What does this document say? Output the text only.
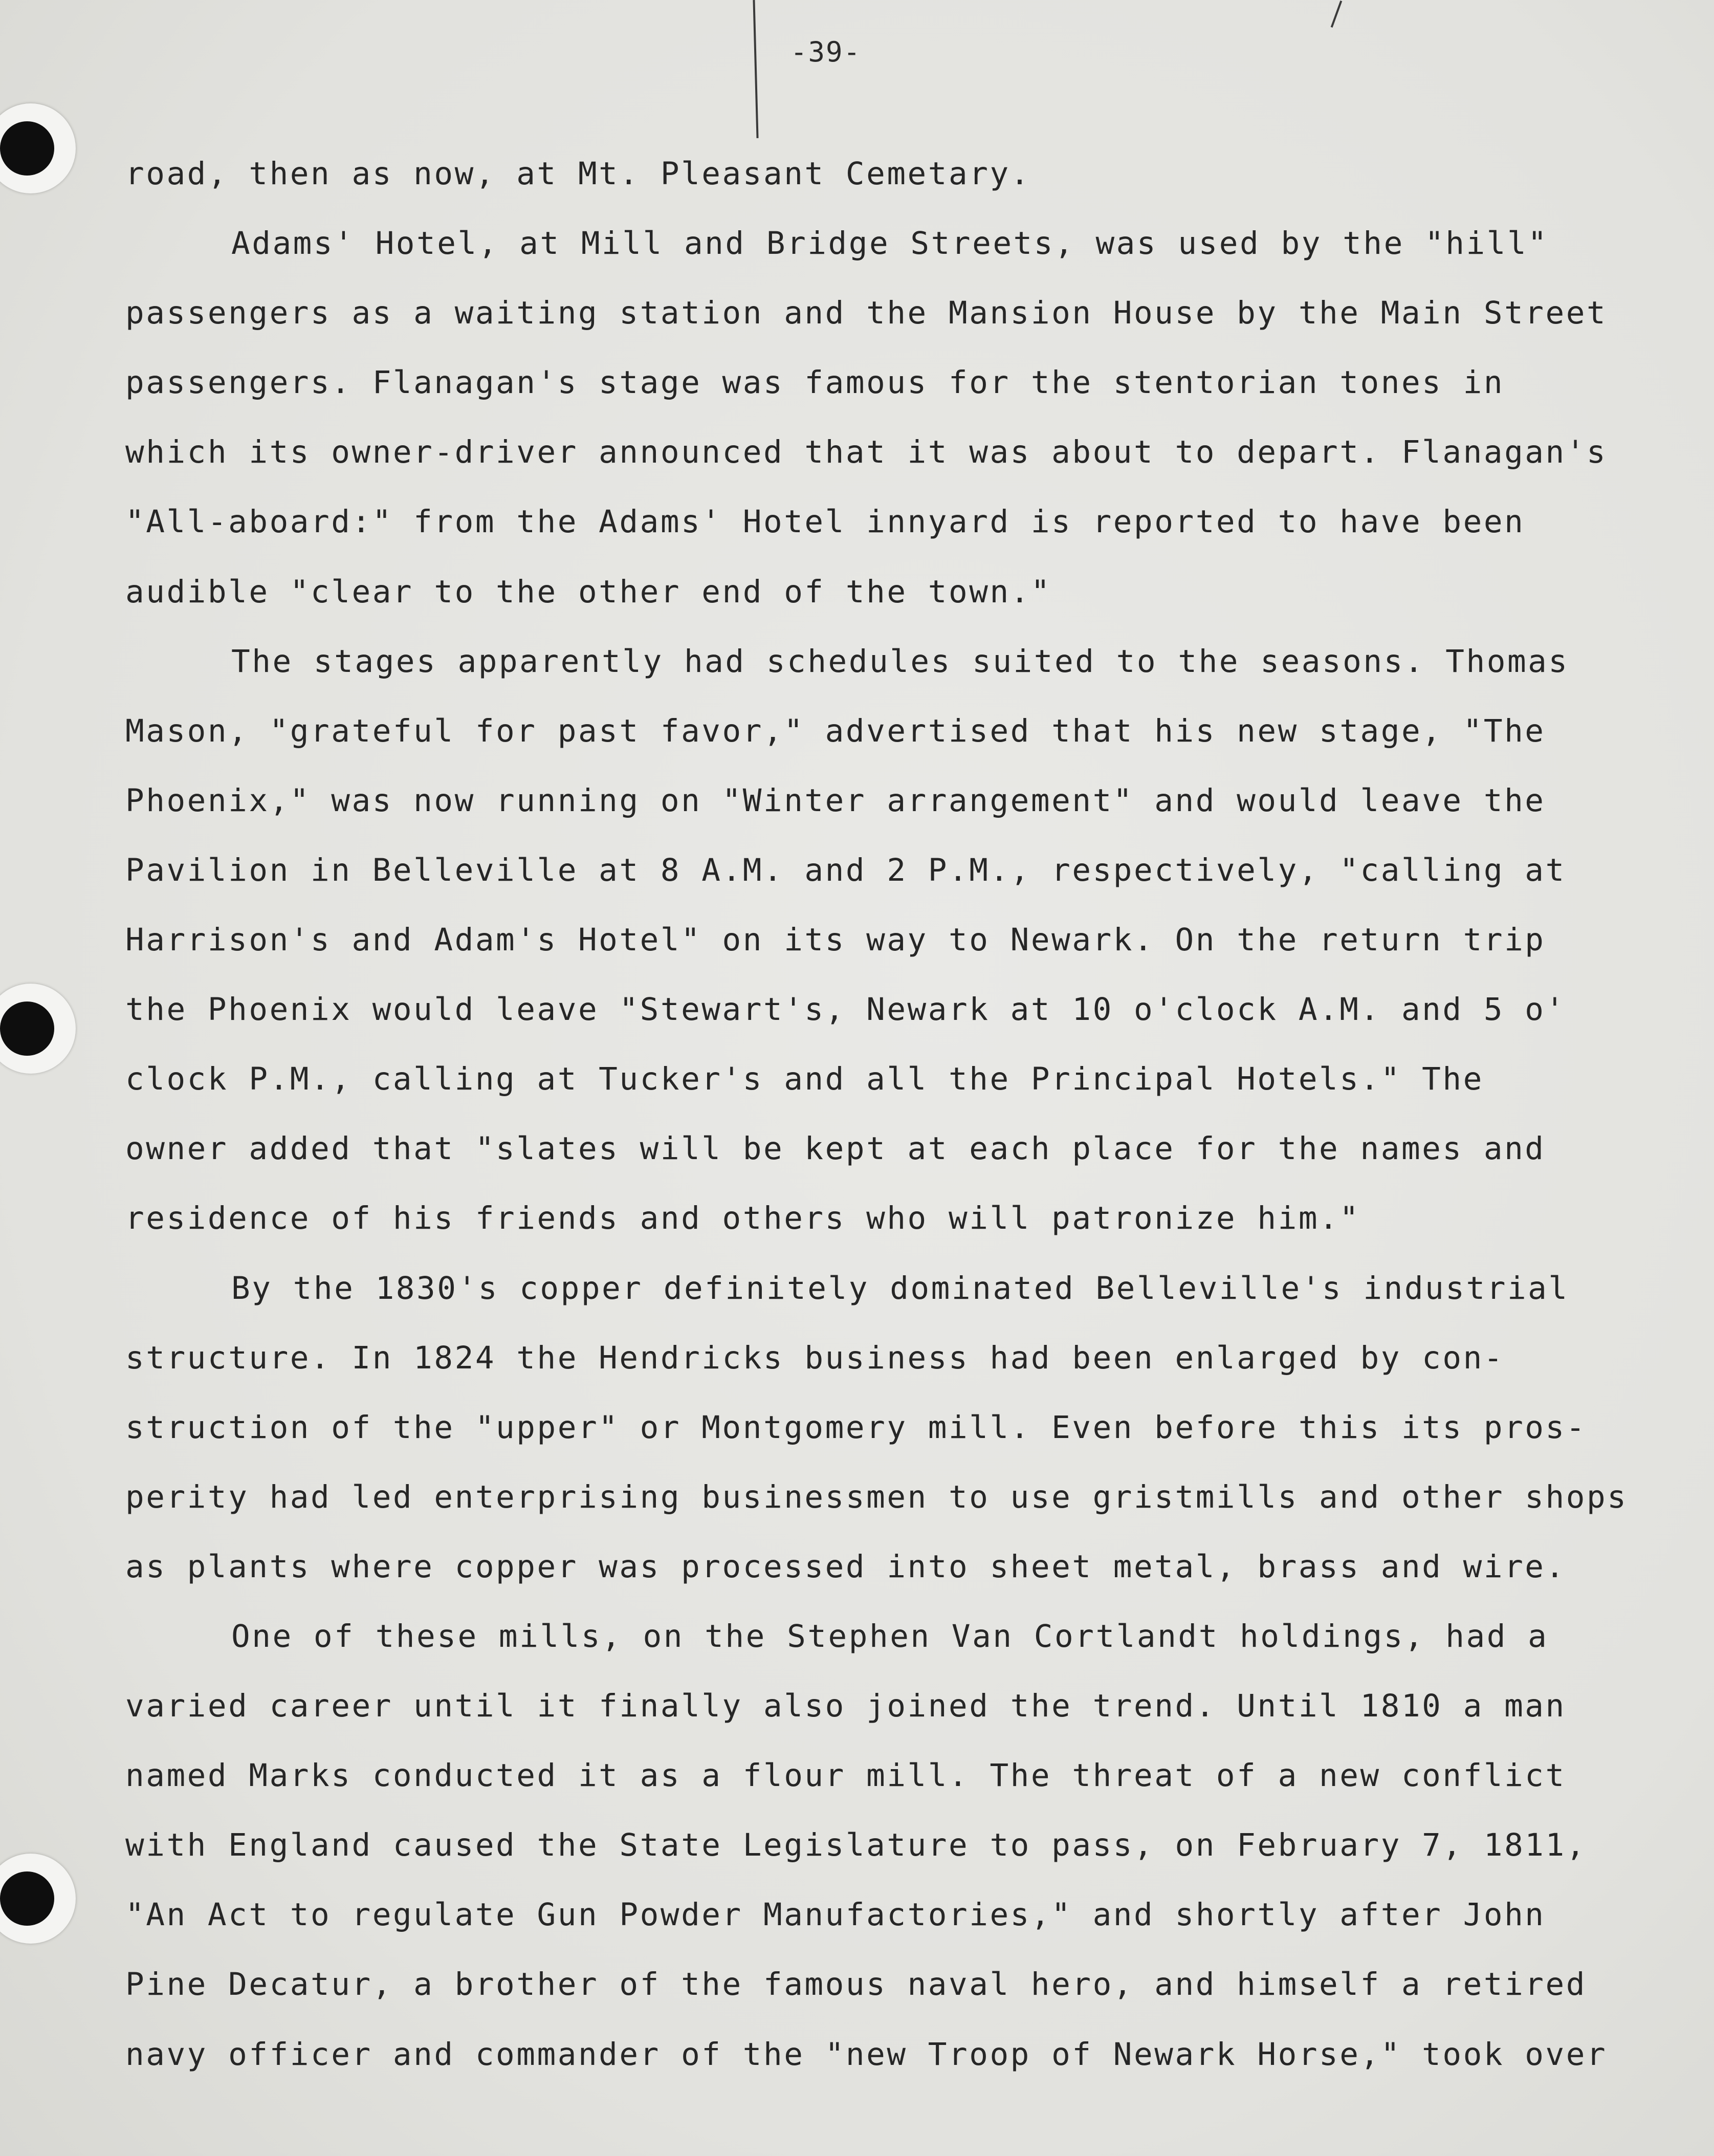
-39-
road, then as now, at Mt. Pleasant Cemetary.
Adams' Hotel, at Mill and Bridge Streets, was used by the "hill"
passengers as a waiting station and the Mansion House by the Main Street
passengers. Flanagan's stage was famous for the stentorian tones in
which its owner-driver announced that it was about to depart. Flanagan's
"All-aboard:" from the Adams' Hotel innyard is reported to have been
audible "clear to the other end of the town."
The stages apparently had schedules suited to the seasons. Thomas
Mason, "grateful for past favor," advertised that his new stage, "The
Phoenix," was now running on "Winter arrangement" and would leave the
Pavilion in Belleville at 8 A.M. and 2 P.M., respectively, "calling at
Harrison's and Adam's Hotel" on its way to Newark. On the return trip
the Phoenix would leave "Stewart's, Newark at 10 o'clock A.M. and 5 o'
clock P.M., calling at Tucker's and all the Principal Hotels." The
owner added that "slates will be kept at each place for the names and
residence of his friends and others who will patronize him."
By the 1830's copper definitely dominated Belleville's industrial
structure. In 1824 the Hendricks business had been enlarged by con-
struction of the "upper" or Montgomery mill. Even before this its pros-
perity had led enterprising businessmen to use gristmills and other shops
as plants where copper was processed into sheet metal, brass and wire.
One of these mills, on the Stephen Van Cortlandt holdings, had a
varied career until it finally also joined the trend. Until 1810 a man
named Marks conducted it as a flour mill. The threat of a new conflict
with England caused the State Legislature to pass, on February 7, 1811,
"An Act to regulate Gun Powder Manufactories," and shortly after John
Pine Decatur, a brother of the famous naval hero, and himself a retired
navy officer and commander of the "new Troop of Newark Horse," took over
